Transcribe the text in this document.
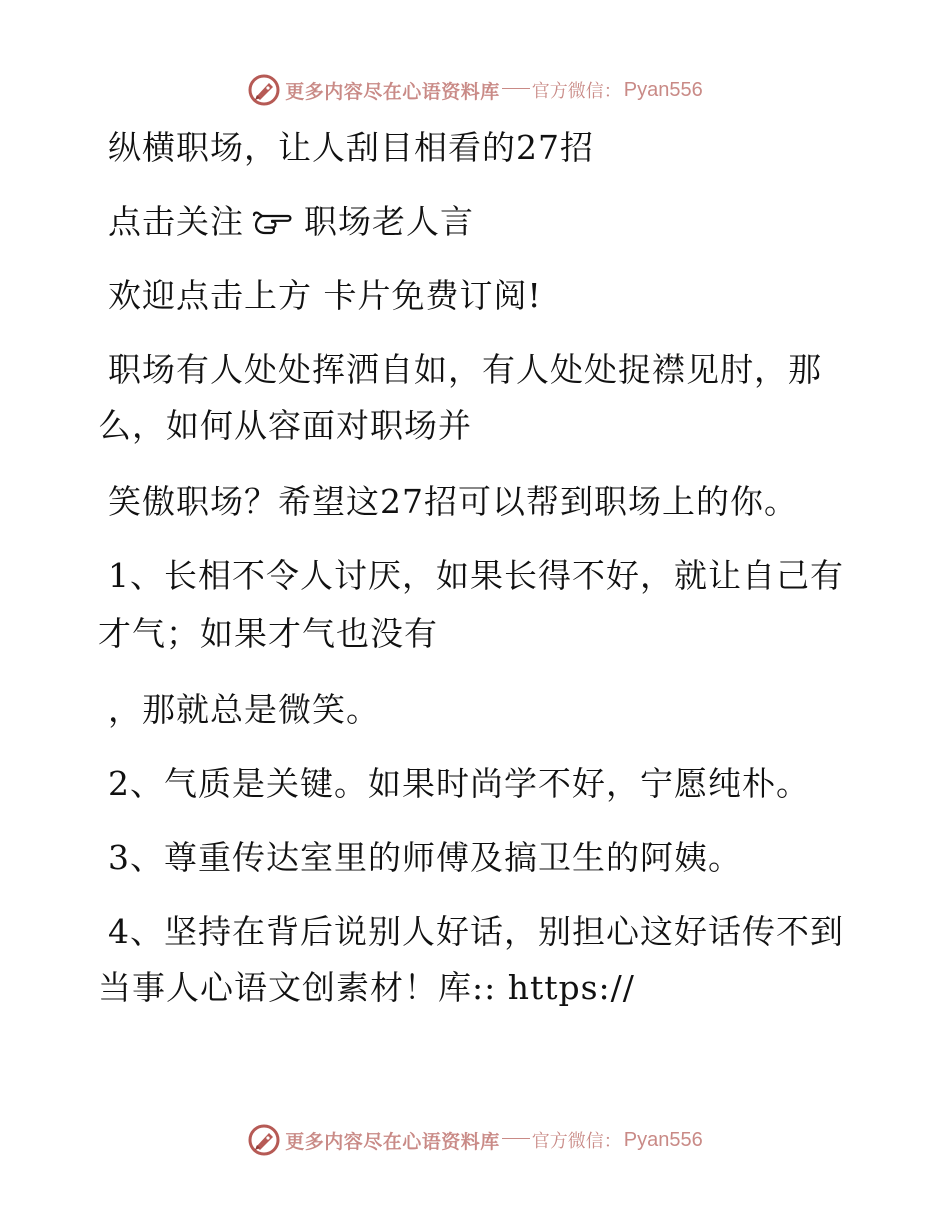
更多内容尽在心语资料库 官方微信： Pyan556
纵横职场，让人刮目相看的27招
点击关注 职场老人言
欢迎点击上方 卡片免费订阅!
职场有人处处挥洒自如，有人处处捉襟见肘，那
么，如何从容面对职场并
笑傲职场？希望这27招可以帮到职场上的你。
1、长相不令人讨厌，如果长得不好，就让自己有
才气；如果才气也没有
，那就总是微笑。
2、气质是关键。如果时尚学不好，宁愿纯朴。
3、尊重传达室里的师傅及搞卫生的阿姨。
4、坚持在背后说别人好话，别担心这好话传不到
当事人心语文创素材！库:: https://
更多内容尽在心语资料库 官方微信： Pyan556
